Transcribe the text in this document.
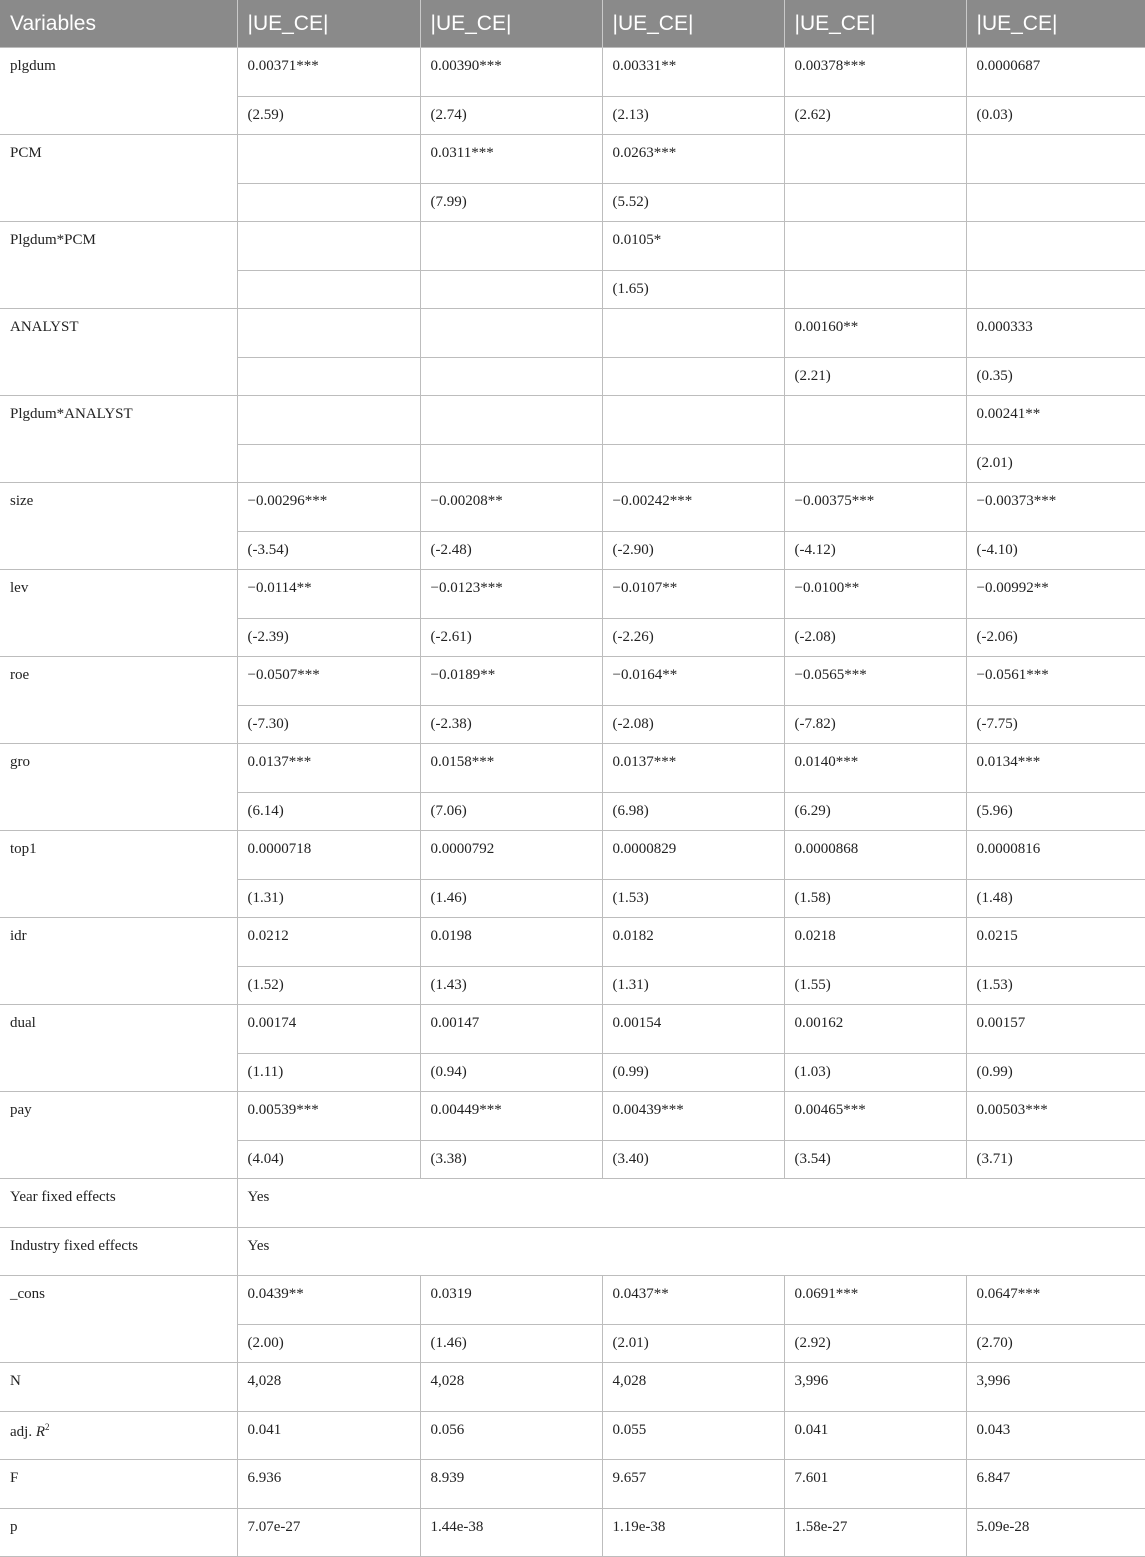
Variables	|UE_CE|	|UE_CE|	|UE_CE|	|UE_CE|	|UE_CE|
plgdum	0.00371***	0.00390***	0.00331**	0.00378***	0.0000687
	(2.59)	(2.74)	(2.13)	(2.62)	(0.03)
PCM		0.0311***	0.0263***		
		(7.99)	(5.52)		
Plgdum*PCM			0.0105*		
			(1.65)		
ANALYST				0.00160**	0.000333
				(2.21)	(0.35)
Plgdum*ANALYST					0.00241**
					(2.01)
size	−0.00296***	−0.00208**	−0.00242***	−0.00375***	−0.00373***
	(-3.54)	(-2.48)	(-2.90)	(-4.12)	(-4.10)
lev	−0.0114**	−0.0123***	−0.0107**	−0.0100**	−0.00992**
	(-2.39)	(-2.61)	(-2.26)	(-2.08)	(-2.06)
roe	−0.0507***	−0.0189**	−0.0164**	−0.0565***	−0.0561***
	(-7.30)	(-2.38)	(-2.08)	(-7.82)	(-7.75)
gro	0.0137***	0.0158***	0.0137***	0.0140***	0.0134***
	(6.14)	(7.06)	(6.98)	(6.29)	(5.96)
top1	0.0000718	0.0000792	0.0000829	0.0000868	0.0000816
	(1.31)	(1.46)	(1.53)	(1.58)	(1.48)
idr	0.0212	0.0198	0.0182	0.0218	0.0215
	(1.52)	(1.43)	(1.31)	(1.55)	(1.53)
dual	0.00174	0.00147	0.00154	0.00162	0.00157
	(1.11)	(0.94)	(0.99)	(1.03)	(0.99)
pay	0.00539***	0.00449***	0.00439***	0.00465***	0.00503***
	(4.04)	(3.38)	(3.40)	(3.54)	(3.71)
Year fixed effects	Yes				
Industry fixed effects	Yes				
_cons	0.0439**	0.0319	0.0437**	0.0691***	0.0647***
	(2.00)	(1.46)	(2.01)	(2.92)	(2.70)
N	4,028	4,028	4,028	3,996	3,996
adj. $R^2$	0.041	0.056	0.055	0.041	0.043
F	6.936	8.939	9.657	7.601	6.847
p	7.07e-27	1.44e-38	1.19e-38	1.58e-27	5.09e-28
